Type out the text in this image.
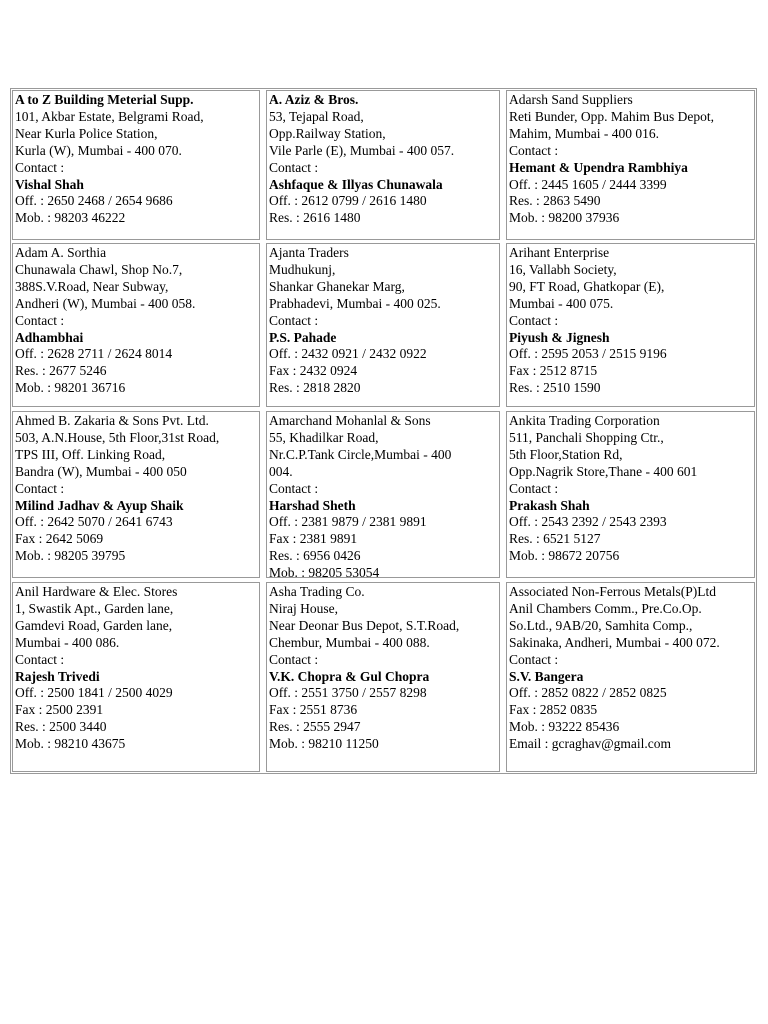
A to Z Building Meterial Supp.
101, Akbar Estate, Belgrami Road,
Near Kurla Police Station,
Kurla (W), Mumbai - 400 070.
Contact :
Vishal Shah
Off. : 2650 2468 / 2654 9686
Mob. : 98203 46222
A. Aziz & Bros.
53, Tejapal Road,
Opp.Railway Station,
Vile Parle (E), Mumbai - 400 057.
Contact :
Ashfaque & Illyas Chunawala
Off. : 2612 0799 / 2616 1480
Res. : 2616 1480
Adarsh Sand Suppliers
Reti Bunder, Opp. Mahim Bus Depot,
Mahim, Mumbai - 400 016.
Contact :
Hemant & Upendra Rambhiya
Off. : 2445 1605 / 2444 3399
Res. : 2863 5490
Mob. : 98200 37936
Adam A. Sorthia
Chunawala Chawl, Shop No.7,
388S.V.Road, Near Subway,
Andheri (W), Mumbai - 400 058.
Contact :
Adhambhai
Off. : 2628 2711 / 2624 8014
Res. : 2677 5246
Mob. : 98201 36716
Ajanta Traders
Mudhukunj,
Shankar Ghanekar Marg,
Prabhadevi, Mumbai - 400 025.
Contact :
P.S. Pahade
Off. : 2432 0921 / 2432 0922
Fax : 2432 0924
Res. : 2818 2820
Arihant Enterprise
16, Vallabh Society,
90, FT Road, Ghatkopar (E),
Mumbai - 400 075.
Contact :
Piyush & Jignesh
Off. : 2595 2053 / 2515 9196
Fax : 2512 8715
Res. : 2510 1590
Ahmed B. Zakaria & Sons Pvt. Ltd.
503, A.N.House, 5th Floor,31st Road,
TPS III, Off. Linking Road,
Bandra (W), Mumbai - 400 050
Contact :
Milind Jadhav & Ayup Shaik
Off. : 2642 5070 / 2641 6743
Fax : 2642 5069
Mob. : 98205 39795
Amarchand Mohanlal & Sons
55, Khadilkar Road,
Nr.C.P.Tank Circle,Mumbai - 400
004.
Contact :
Harshad Sheth
Off. : 2381 9879 / 2381 9891
Fax : 2381 9891
Res. : 6956 0426
Mob. : 98205 53054
Ankita Trading Corporation
511, Panchali Shopping Ctr.,
5th Floor,Station Rd,
Opp.Nagrik Store,Thane - 400 601
Contact :
Prakash Shah
Off. : 2543 2392 / 2543 2393
Res. : 6521 5127
Mob. : 98672 20756
Anil Hardware & Elec. Stores
1, Swastik Apt., Garden lane,
Gamdevi Road, Garden lane,
Mumbai - 400 086.
Contact :
Rajesh Trivedi
Off. : 2500 1841 / 2500 4029
Fax : 2500 2391
Res. : 2500 3440
Mob. : 98210 43675
Asha Trading Co.
Niraj House,
Near Deonar Bus Depot, S.T.Road,
Chembur, Mumbai - 400 088.
Contact :
V.K. Chopra & Gul Chopra
Off. : 2551 3750 / 2557 8298
Fax : 2551 8736
Res. : 2555 2947
Mob. : 98210 11250
Associated Non-Ferrous Metals(P)Ltd
Anil Chambers Comm., Pre.Co.Op.
So.Ltd., 9AB/20, Samhita Comp.,
Sakinaka, Andheri, Mumbai - 400 072.
Contact :
S.V. Bangera
Off. : 2852 0822 / 2852 0825
Fax : 2852 0835
Mob. : 93222 85436
Email : gcraghav@gmail.com
